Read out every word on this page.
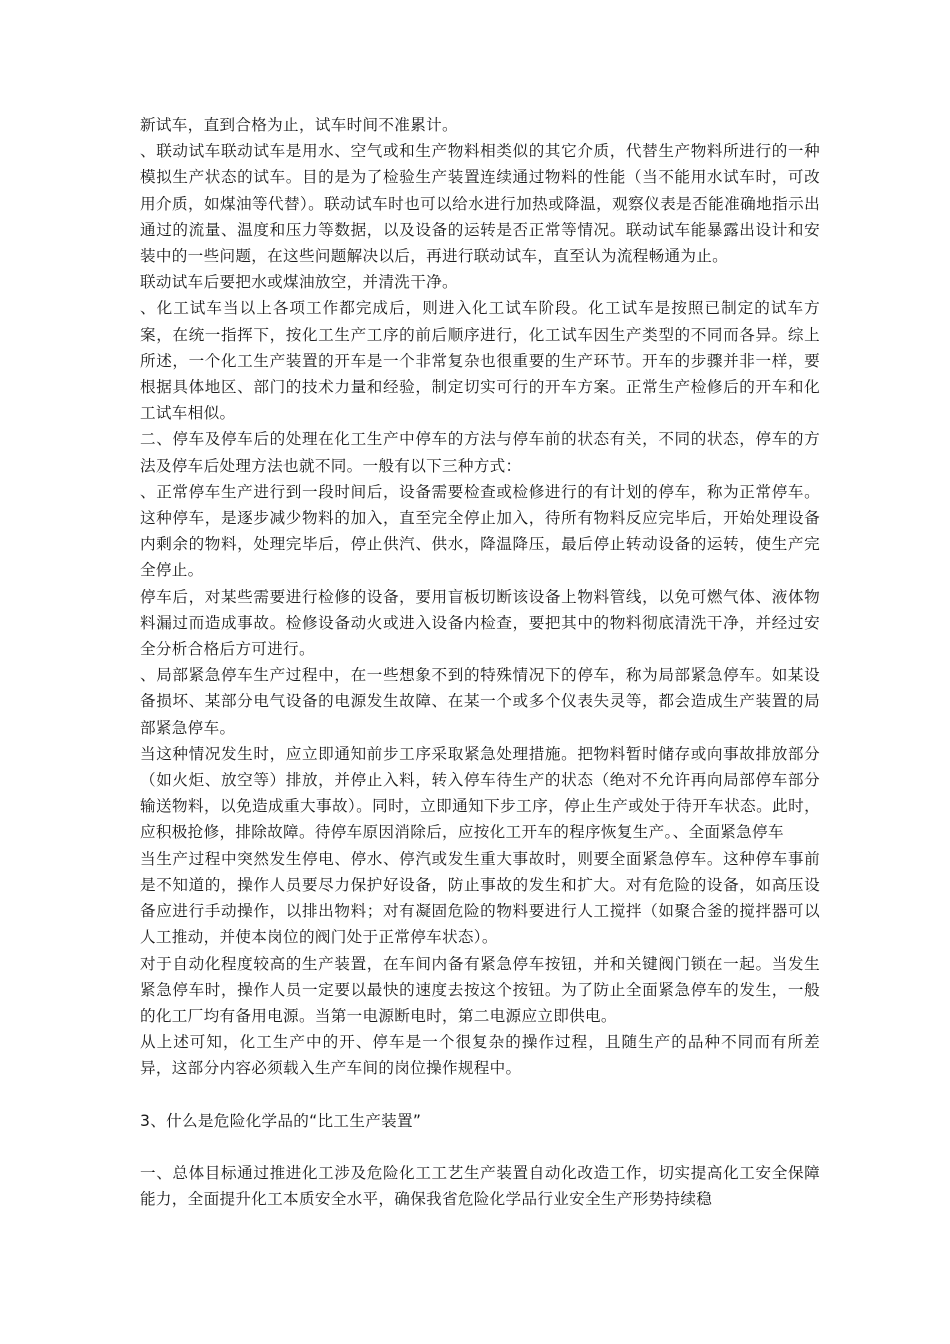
新试车，直到合格为止，试车时间不准累计。

、联动试车联动试车是用水、空气或和生产物料相类似的其它介质，代替生产物料所进行的一种模拟生产状态的试车。目的是为了检验生产装置连续通过物料的性能（当不能用水试车时，可改用介质，如煤油等代替）。联动试车时也可以给水进行加热或降温，观察仪表是否能准确地指示出通过的流量、温度和压力等数据，以及设备的运转是否正常等情况。联动试车能暴露出设计和安装中的一些问题，在这些问题解决以后，再进行联动试车，直至认为流程畅通为止。

联动试车后要把水或煤油放空，并清洗干净。

、化工试车当以上各项工作都完成后，则进入化工试车阶段。化工试车是按照已制定的试车方案，在统一指挥下，按化工生产工序的前后顺序进行，化工试车因生产类型的不同而各异。综上所述，一个化工生产装置的开车是一个非常复杂也很重要的生产环节。开车的步骤并非一样，要根据具体地区、部门的技术力量和经验，制定切实可行的开车方案。正常生产检修后的开车和化工试车相似。

二、停车及停车后的处理在化工生产中停车的方法与停车前的状态有关，不同的状态，停车的方法及停车后处理方法也就不同。一般有以下三种方式：

、正常停车生产进行到一段时间后，设备需要检查或检修进行的有计划的停车，称为正常停车。这种停车，是逐步减少物料的加入，直至完全停止加入，待所有物料反应完毕后，开始处理设备内剩余的物料，处理完毕后，停止供汽、供水，降温降压，最后停止转动设备的运转，使生产完全停止。

停车后，对某些需要进行检修的设备，要用盲板切断该设备上物料管线，以免可燃气体、液体物料漏过而造成事故。检修设备动火或进入设备内检查，要把其中的物料彻底清洗干净，并经过安全分析合格后方可进行。

、局部紧急停车生产过程中，在一些想象不到的特殊情况下的停车，称为局部紧急停车。如某设备损坏、某部分电气设备的电源发生故障、在某一个或多个仪表失灵等，都会造成生产装置的局部紧急停车。

当这种情况发生时，应立即通知前步工序采取紧急处理措施。把物料暂时储存或向事故排放部分（如火炬、放空等）排放，并停止入料，转入停车待生产的状态（绝对不允许再向局部停车部分输送物料，以免造成重大事故）。同时，立即通知下步工序，停止生产或处于待开车状态。此时，应积极抢修，排除故障。待停车原因消除后，应按化工开车的程序恢复生产。、全面紧急停车

当生产过程中突然发生停电、停水、停汽或发生重大事故时，则要全面紧急停车。这种停车事前是不知道的，操作人员要尽力保护好设备，防止事故的发生和扩大。对有危险的设备，如高压设备应进行手动操作，以排出物料；对有凝固危险的物料要进行人工搅拌（如聚合釜的搅拌器可以人工推动，并使本岗位的阀门处于正常停车状态）。

对于自动化程度较高的生产装置，在车间内备有紧急停车按钮，并和关键阀门锁在一起。当发生紧急停车时，操作人员一定要以最快的速度去按这个按钮。为了防止全面紧急停车的发生，一般的化工厂均有备用电源。当第一电源断电时，第二电源应立即供电。

从上述可知，化工生产中的开、停车是一个很复杂的操作过程，且随生产的品种不同而有所差异，这部分内容必须载入生产车间的岗位操作规程中。

3、什么是危险化学品的“比工生产装置”

一、总体目标通过推进化工涉及危险化工工艺生产装置自动化改造工作，切实提高化工安全保障能力，全面提升化工本质安全水平，确保我省危险化学品行业安全生产形势持续稳
